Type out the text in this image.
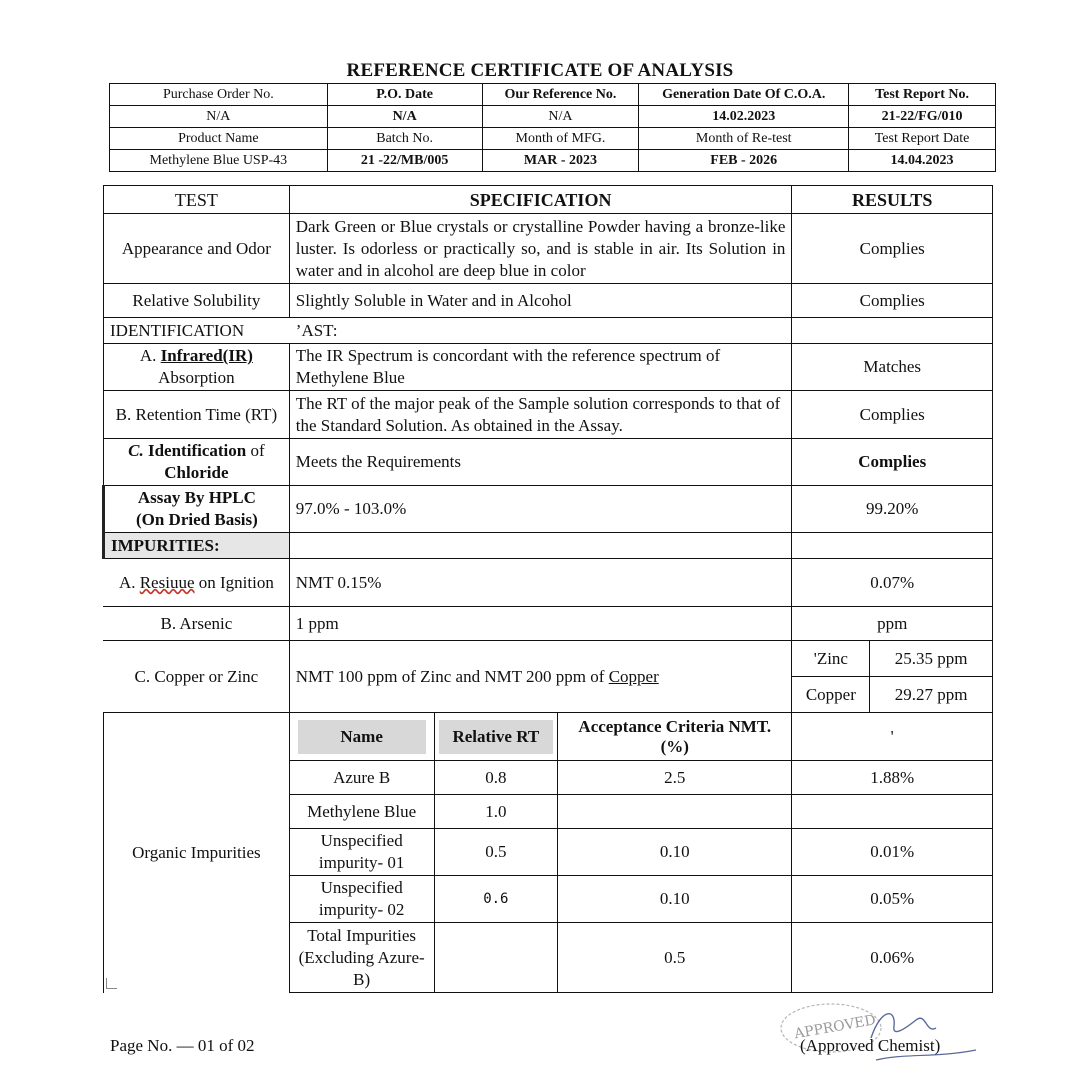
REFERENCE CERTIFICATE OF ANALYSIS
Purchase Order No.	P.O. Date	Our Reference No.	Generation Date Of C.O.A.	Test Report No.
N/A	N/A	N/A	14.02.2023	21-22/FG/010
Product Name	Batch No.	Month of MFG.	Month of Re-test	Test Report Date
Methylene Blue USP-43	21 -22/MB/005	MAR - 2023	FEB - 2026	14.04.2023
TEST	SPECIFICATION			RESULTS	
Appearance and Odor	Dark Green or Blue crystals or crystalline Powder having a bronze-like luster. Is odorless or practically so, and is stable in air. Its Solution in water and in alcohol are deep blue in color			Complies	
Relative Solubility	Slightly Soluble in Water and in Alcohol			Complies	
IDENTIFICATION	’AST:				
A. Infrared(IR)
Absorption	The IR Spectrum is concordant with the reference spectrum of Methylene Blue			Matches	
B. Retention Time (RT)	The RT of the major peak of the Sample solution corresponds to that of the Standard Solution. As obtained in the Assay.			Complies	
C. Identification of
Chloride	Meets the Requirements			Complies	
Assay By HPLC
(On Dried Basis)	97.0% - 103.0%			99.20%	
IMPURITIES:					
A. Resiuue on Ignition	NMT 0.15%			0.07%	
B. Arsenic	1 ppm			ppm	
C. Copper or Zinc	NMT 100 ppm of Zinc and NMT 200 ppm of Copper			'Zinc	25.35 ppm
				Copper	29.27 ppm
Organic Impurities	Name	Relative RT	Acceptance Criteria NMT. (%)	'	
	Azure B	0.8	2.5	1.88%	
	Methylene Blue	1.0			
	Unspecified impurity- 01	0.5	0.10	0.01%	
	Unspecified impurity- 02	0.6	0.10	0.05%	
	Total Impurities (Excluding Azure-B)		0.5	0.06%	
Page No. — 01 of 02
APPROVED
(Approved Chemist)
